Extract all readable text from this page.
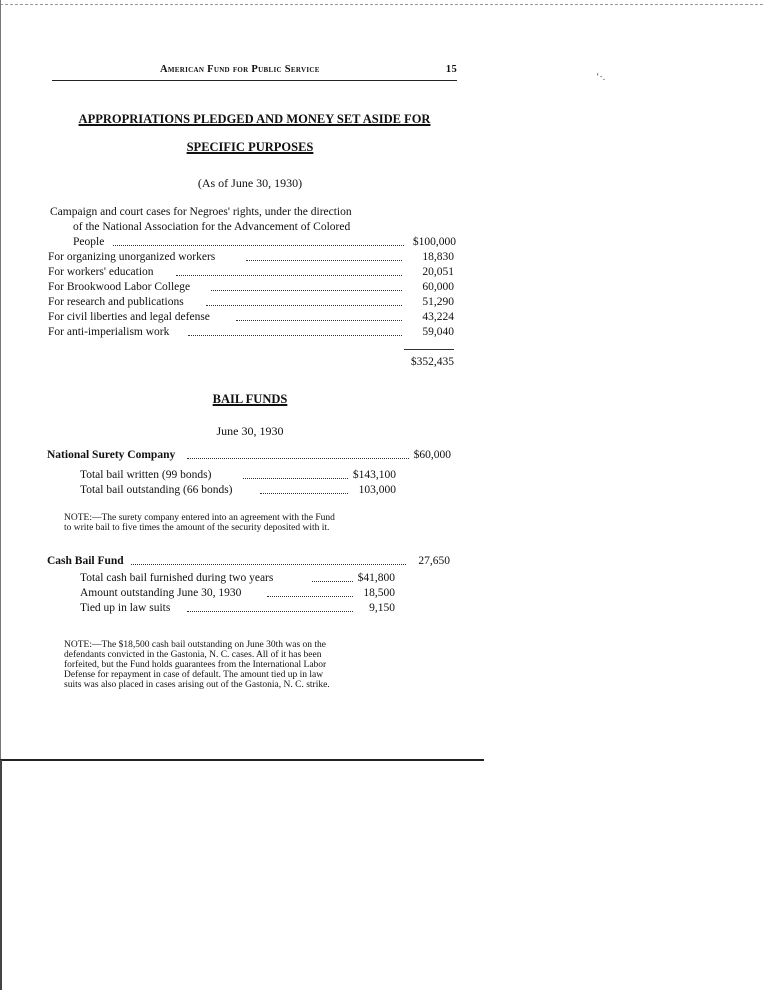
American Fund for Public Service	15
‘⋅.
APPROPRIATIONS PLEDGED AND MONEY SET ASIDE FOR
SPECIFIC PURPOSES
(As of June 30, 1930)
Campaign and court cases for Negroes' rights, under the direction
of the National Association for the Advancement of Colored
People	$100,000
For organizing unorganized workers	18,830
For workers' education	20,051
For Brookwood Labor College	60,000
For research and publications	51,290
For civil liberties and legal defense	43,224
For anti-imperialism work	59,040
$352,435
BAIL FUNDS
June 30, 1930
National Surety Company	$60,000
Total bail written (99 bonds)	$143,100
Total bail outstanding (66 bonds)	103,000
NOTE:—The surety company entered into an agreement with the Fund
to write bail to five times the amount of the security deposited with it.
Cash Bail Fund	27,650
Total cash bail furnished during two years	$41,800
Amount outstanding June 30, 1930	18,500
Tied up in law suits	9,150
NOTE:—The $18,500 cash bail outstanding on June 30th was on the
defendants convicted in the Gastonia, N. C. cases. All of it has been
forfeited, but the Fund holds guarantees from the International Labor
Defense for repayment in case of default. The amount tied up in law
suits was also placed in cases arising out of the Gastonia, N. C. strike.
